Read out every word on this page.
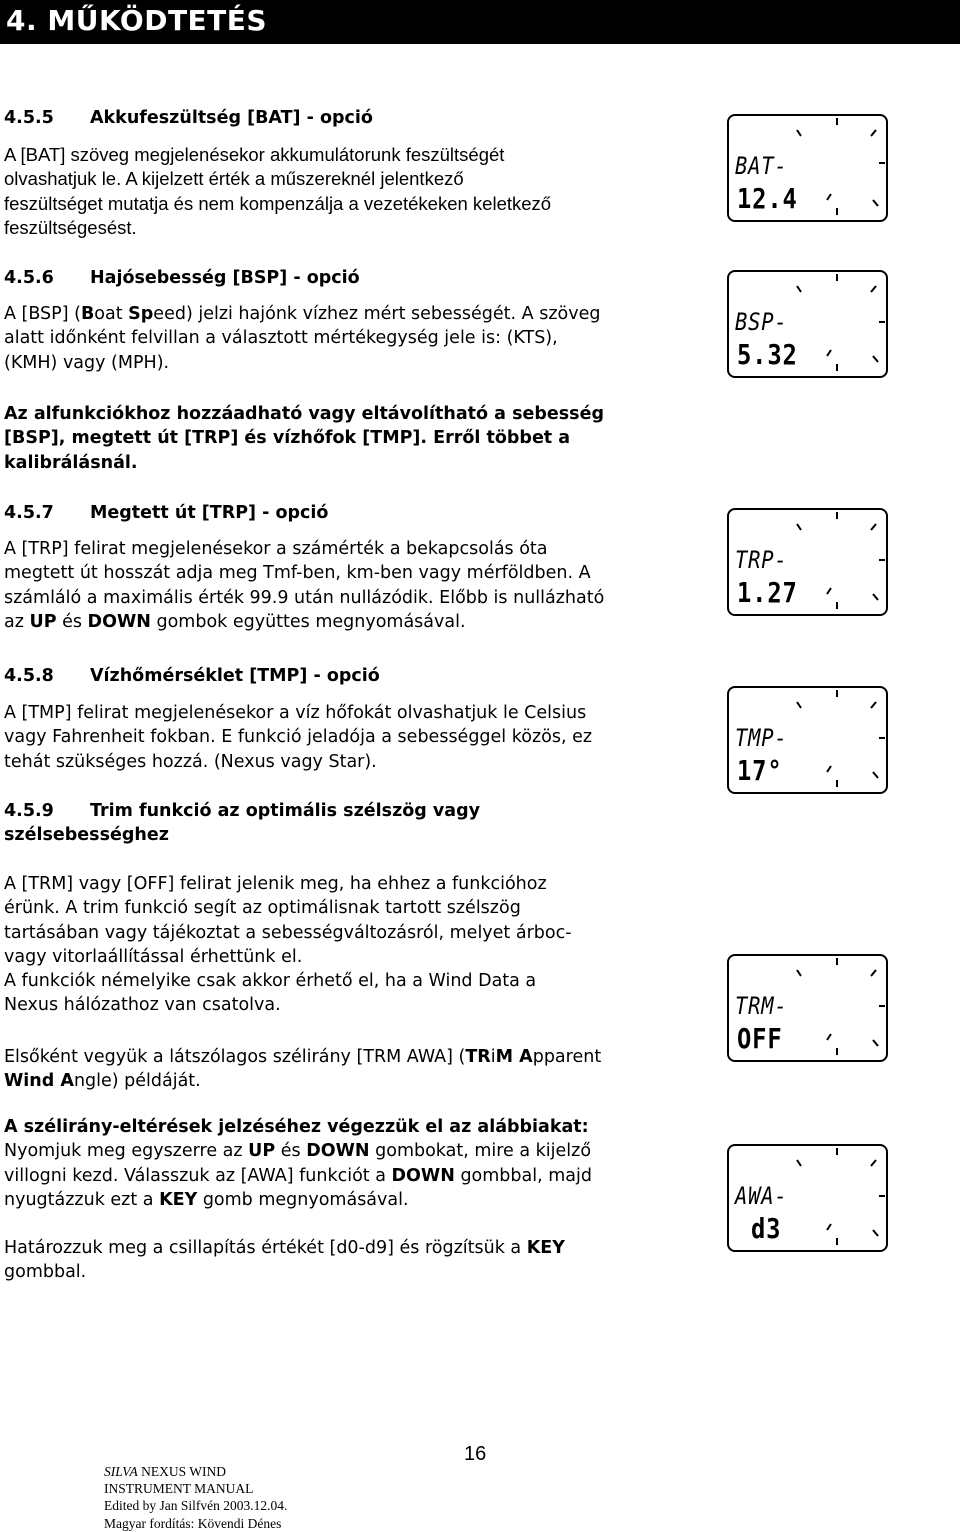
4. MŰKÖDTETÉS
4.5.5 Akkufeszültség [BAT] - opció
A [BAT] szöveg megjelenésekor akkumulátorunk feszültségét
olvashatjuk le. A kijelzett érték a műszereknél jelentkező
feszültséget mutatja és nem kompenzálja a vezetékeken keletkező
feszültségesést.
4.5.6 Hajósebesség [BSP] - opció
A [BSP] (Boat Speed) jelzi hajónk vízhez mért sebességét. A szöveg
alatt időnként felvillan a választott mértékegység jele is: (KTS),
(KMH) vagy (MPH).
Az alfunkciókhoz hozzáadható vagy eltávolítható a sebesség
[BSP], megtett út [TRP] és vízhőfok [TMP]. Erről többet a
kalibrálásnál.
4.5.7 Megtett út [TRP] - opció
A [TRP] felirat megjelenésekor a számérték a bekapcsolás óta
megtett út hosszát adja meg Tmf-ben, km-ben vagy mérföldben. A
számláló a maximális érték 99.9 után nullázódik. Előbb is nullázható
az UP és DOWN gombok együttes megnyomásával.
4.5.8 Vízhőmérséklet [TMP] - opció
A [TMP] felirat megjelenésekor a víz hőfokát olvashatjuk le Celsius
vagy Fahrenheit fokban. E funkció jeladója a sebességgel közös, ez
tehát szükséges hozzá. (Nexus vagy Star).
4.5.9 Trim funkció az optimális szélszög vagy
szélsebességhez
A [TRM] vagy [OFF] felirat jelenik meg, ha ehhez a funkcióhoz
érünk. A trim funkció segít az optimálisnak tartott szélszög
tartásában vagy tájékoztat a sebességváltozásról, melyet árboc-
vagy vitorlaállítással érhettünk el.
A funkciók némelyike csak akkor érhető el, ha a Wind Data a
Nexus hálózathoz van csatolva.
Elsőként vegyük a látszólagos szélirány [TRM AWA] (TRiM Apparent
Wind Angle) példáját.
A szélirány-eltérések jelzéséhez végezzük el az alábbiakat:
Nyomjuk meg egyszerre az UP és DOWN gombokat, mire a kijelző
villogni kezd. Válasszuk az [AWA] funkciót a DOWN gombbal, majd
nyugtázzuk ezt a KEY gomb megnyomásával.
Határozzuk meg a csillapítás értékét [d0-d9] és rögzítsük a KEY
gombbal.
BAT-
12.4
BSP-
5.32
TRP-
1.27
TMP-
17°
TRM-
OFF
AWA-
d3
16
SILVA NEXUS WIND
INSTRUMENT MANUAL
Edited by Jan Silfvén 2003.12.04.
Magyar fordítás: Kövendi Dénes
